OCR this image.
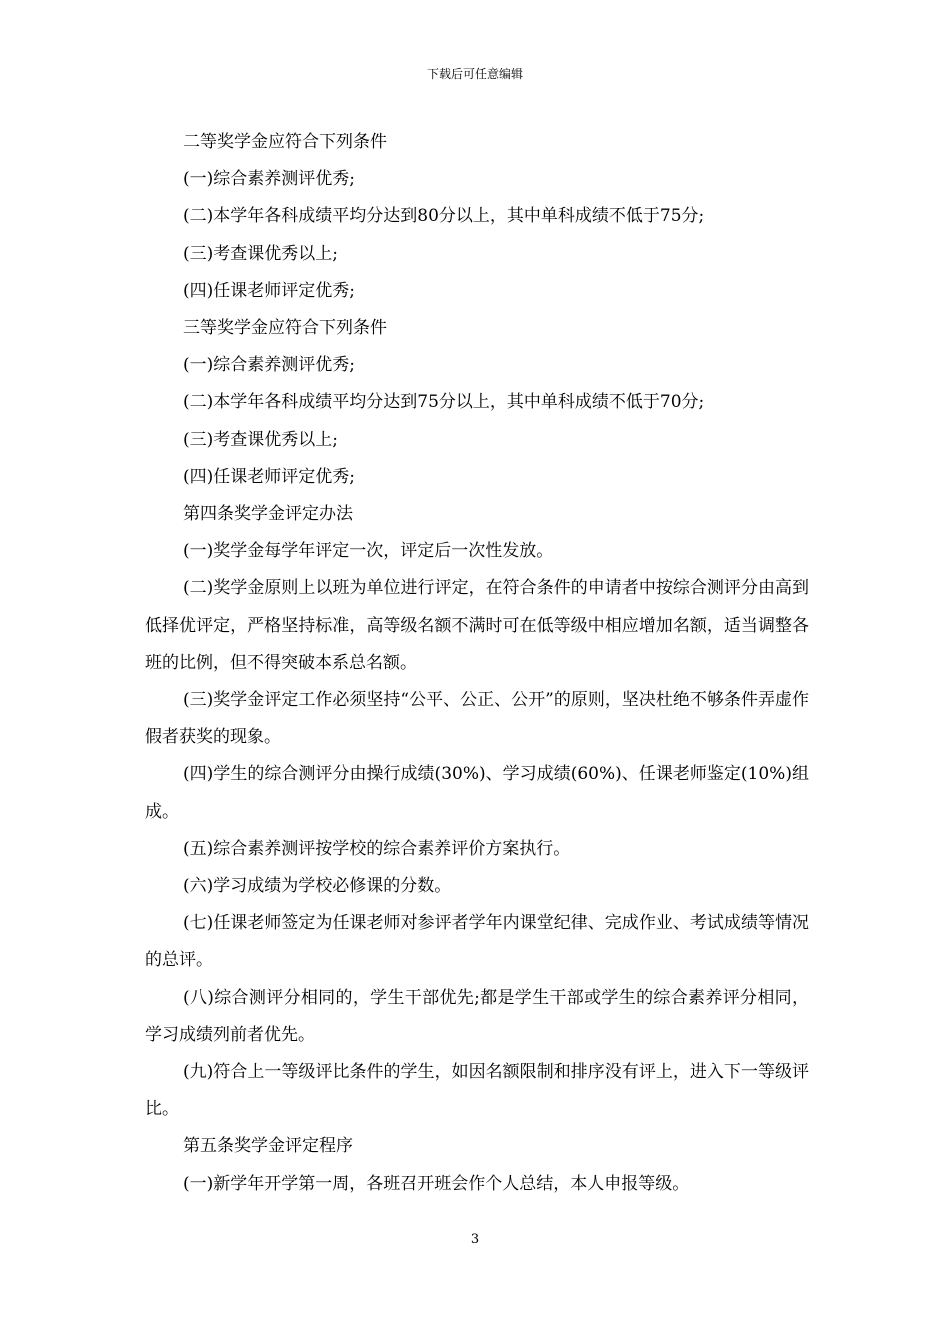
下载后可任意编辑

二等奖学金应符合下列条件

(一)综合素养测评优秀;

(二)本学年各科成绩平均分达到80分以上，其中单科成绩不低于75分;

(三)考查课优秀以上;

(四)任课老师评定优秀;

三等奖学金应符合下列条件

(一)综合素养测评优秀;

(二)本学年各科成绩平均分达到75分以上，其中单科成绩不低于70分;

(三)考查课优秀以上;

(四)任课老师评定优秀;

第四条奖学金评定办法

(一)奖学金每学年评定一次，评定后一次性发放。

(二)奖学金原则上以班为单位进行评定，在符合条件的申请者中按综合测评分由高到低择优评定，严格坚持标准，高等级名额不满时可在低等级中相应增加名额，适当调整各班的比例，但不得突破本系总名额。

(三)奖学金评定工作必须坚持“公平、公正、公开”的原则，坚决杜绝不够条件弄虚作假者获奖的现象。

(四)学生的综合测评分由操行成绩(30%)、学习成绩(60%)、任课老师鉴定(10%)组成。

(五)综合素养测评按学校的综合素养评价方案执行。

(六)学习成绩为学校必修课的分数。

(七)任课老师签定为任课老师对参评者学年内课堂纪律、完成作业、考试成绩等情况的总评。

(八)综合测评分相同的，学生干部优先;都是学生干部或学生的综合素养评分相同，学习成绩列前者优先。

(九)符合上一等级评比条件的学生，如因名额限制和排序没有评上，进入下一等级评比。

第五条奖学金评定程序

(一)新学年开学第一周，各班召开班会作个人总结，本人申报等级。

3
